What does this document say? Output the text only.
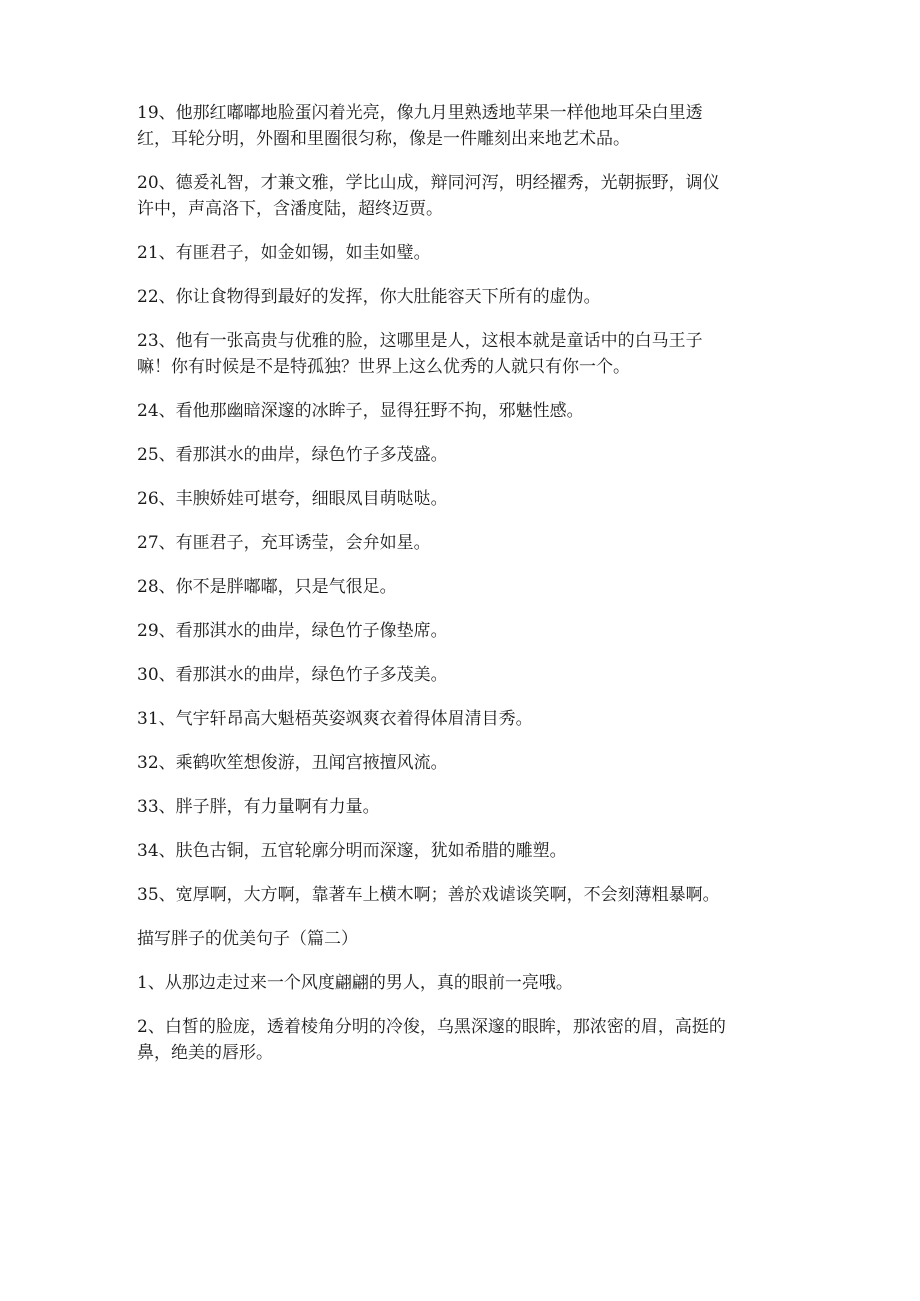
19、他那红嘟嘟地脸蛋闪着光亮，像九月里熟透地苹果一样他地耳朵白里透
红，耳轮分明，外圈和里圈很匀称，像是一件雕刻出来地艺术品。

20、德爰礼智，才兼文雅，学比山成，辩同河泻，明经擢秀，光朝振野，调仪
许中，声高洛下，含潘度陆，超终迈贾。

21、有匪君子，如金如锡，如圭如璧。

22、你让食物得到最好的发挥，你大肚能容天下所有的虚伪。

23、他有一张高贵与优雅的脸，这哪里是人，这根本就是童话中的白马王子
嘛！你有时候是不是特孤独？世界上这么优秀的人就只有你一个。

24、看他那幽暗深邃的冰眸子，显得狂野不拘，邪魅性感。

25、看那淇水的曲岸，绿色竹子多茂盛。

26、丰腴娇娃可堪夸，细眼凤目萌哒哒。

27、有匪君子，充耳诱莹，会弁如星。

28、你不是胖嘟嘟，只是气很足。

29、看那淇水的曲岸，绿色竹子像垫席。

30、看那淇水的曲岸，绿色竹子多茂美。

31、气宇轩昂高大魁梧英姿飒爽衣着得体眉清目秀。

32、乘鹤吹笙想俊游，丑闻宫掖擅风流。

33、胖子胖，有力量啊有力量。

34、肤色古铜，五官轮廓分明而深邃，犹如希腊的雕塑。

35、宽厚啊，大方啊，靠著车上横木啊；善於戏谑谈笑啊，不会刻薄粗暴啊。

描写胖子的优美句子（篇二）

1、从那边走过来一个风度翩翩的男人，真的眼前一亮哦。

2、白皙的脸庞，透着棱角分明的冷俊，乌黑深邃的眼眸，那浓密的眉，高挺的
鼻，绝美的唇形。
